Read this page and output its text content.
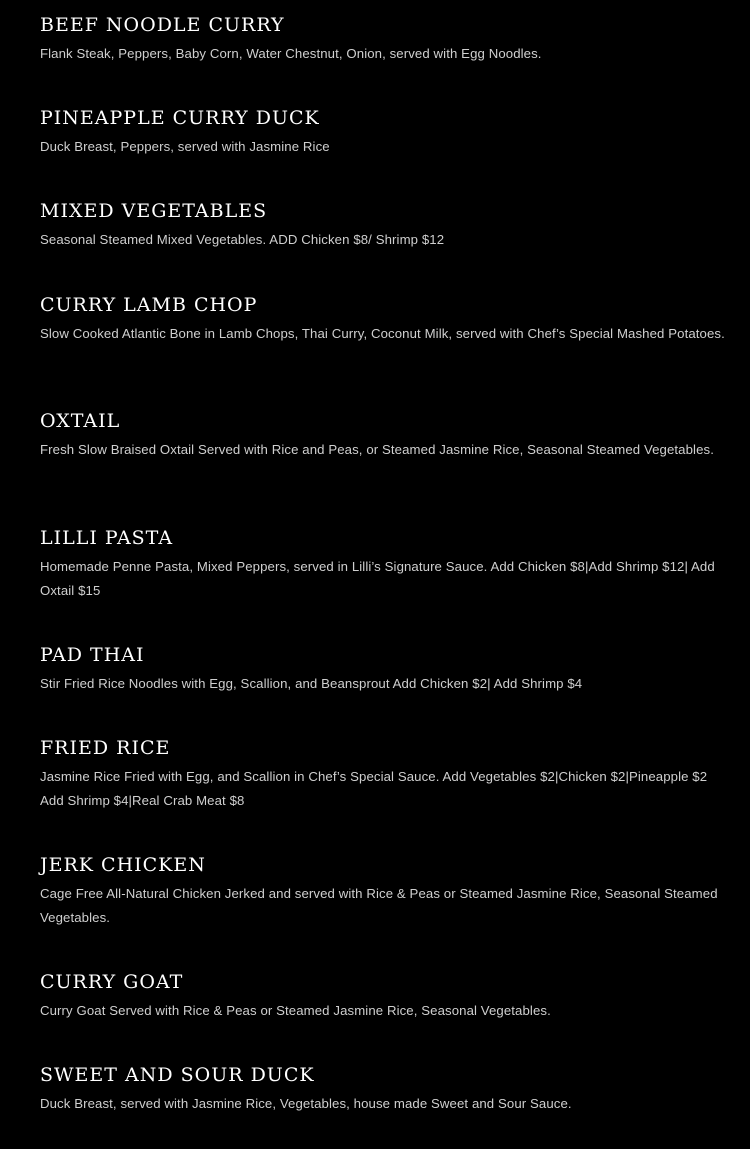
BEEF NOODLE CURRY

Flank Steak, Peppers, Baby Corn, Water Chestnut, Onion, served with Egg Noodles.

PINEAPPLE CURRY DUCK

Duck Breast, Peppers, served with Jasmine Rice

MIXED VEGETABLES

Seasonal Steamed Mixed Vegetables. ADD Chicken $8/ Shrimp $12

CURRY LAMB CHOP

Slow Cooked Atlantic Bone in Lamb Chops, Thai Curry, Coconut Milk, served with Chef’s Special Mashed Potatoes.

OXTAIL

Fresh Slow Braised Oxtail Served with Rice and Peas, or Steamed Jasmine Rice, Seasonal Steamed Vegetables.

LILLI PASTA

Homemade Penne Pasta, Mixed Peppers, served in Lilli’s Signature Sauce. Add Chicken $8|Add Shrimp $12| Add Oxtail $15

PAD THAI

Stir Fried Rice Noodles with Egg, Scallion, and Beansprout Add Chicken $2| Add Shrimp $4

FRIED RICE

Jasmine Rice Fried with Egg, and Scallion in Chef’s Special Sauce. Add Vegetables $2|Chicken $2|Pineapple $2 Add Shrimp $4|Real Crab Meat $8

JERK CHICKEN

Cage Free All-Natural Chicken Jerked and served with Rice & Peas or Steamed Jasmine Rice, Seasonal Steamed Vegetables.

CURRY GOAT

Curry Goat Served with Rice & Peas or Steamed Jasmine Rice, Seasonal Vegetables.

SWEET AND SOUR DUCK

Duck Breast, served with Jasmine Rice, Vegetables, house made Sweet and Sour Sauce.
